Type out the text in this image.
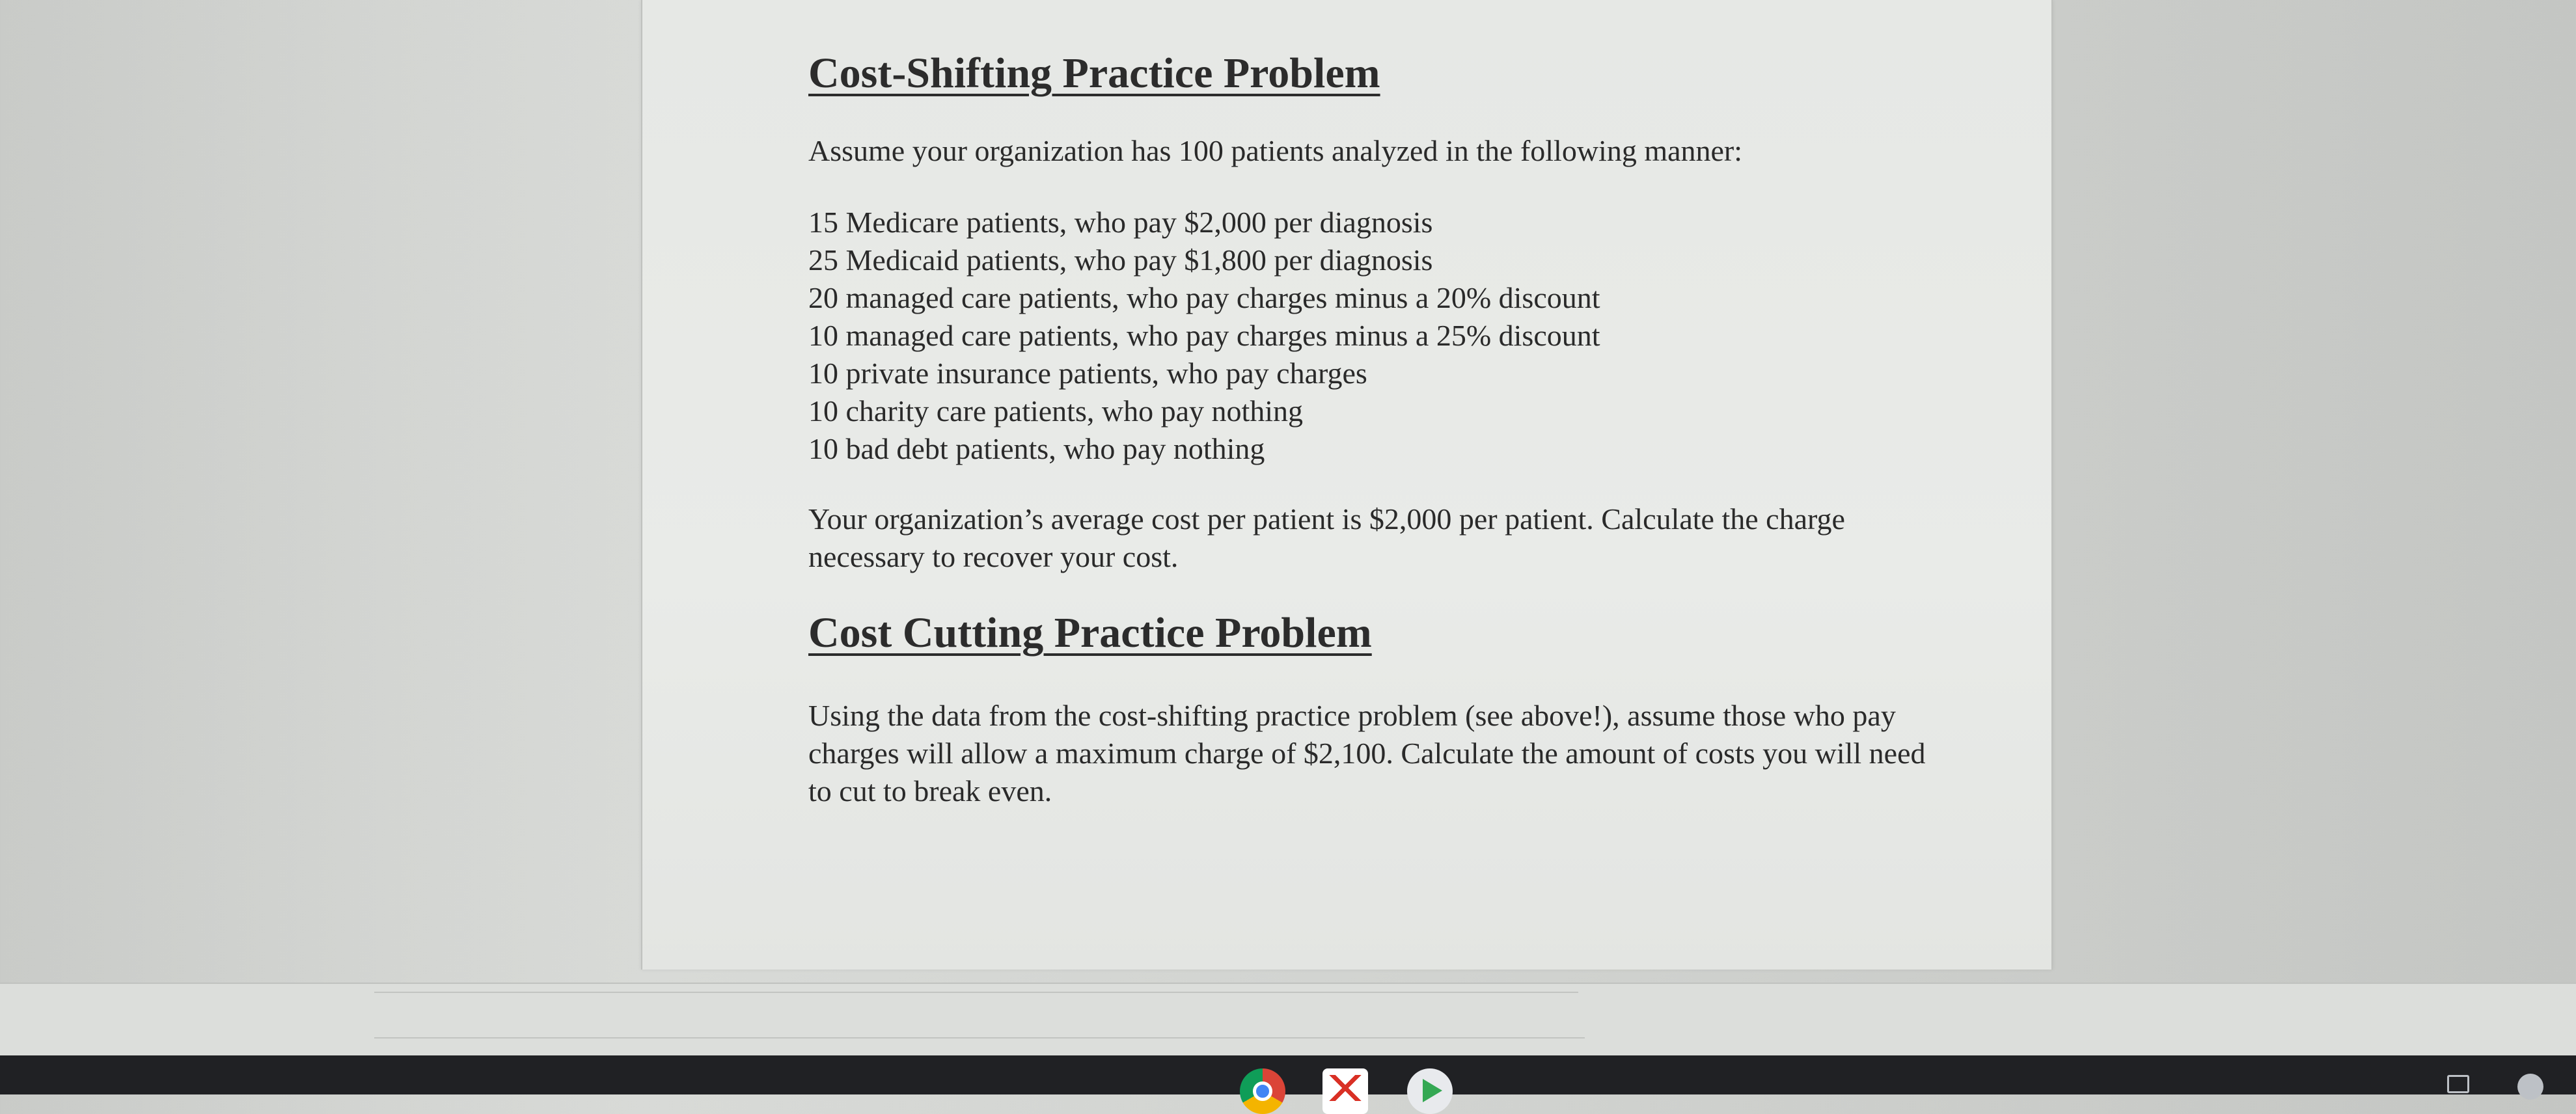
Cost-Shifting Practice Problem

Assume your organization has 100 patients analyzed in the following manner:

15 Medicare patients, who pay $2,000 per diagnosis
25 Medicaid patients, who pay $1,800 per diagnosis
20 managed care patients, who pay charges minus a 20% discount
10 managed care patients, who pay charges minus a 25% discount
10 private insurance patients, who pay charges
10 charity care patients, who pay nothing
10 bad debt patients, who pay nothing

Your organization’s average cost per patient is $2,000 per patient. Calculate the charge necessary to recover your cost.

Cost Cutting Practice Problem

Using the data from the cost-shifting practice problem (see above!), assume those who pay charges will allow a maximum charge of $2,100. Calculate the amount of costs you will need to cut to break even.
